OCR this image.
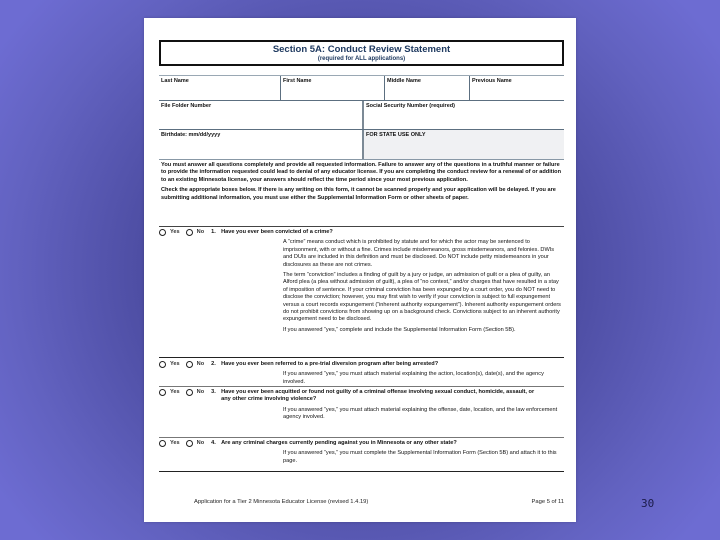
Section 5A: Conduct Review Statement
(required for ALL applications)
Last Name	First Name	Middle Name	Previous Name
File Folder Number	Social Security Number (required)
Birthdate: mm/dd/yyyy	FOR STATE USE ONLY

You must answer all questions completely and provide all requested information. Failure to answer any of the questions in a truthful manner or failure to provide the information requested could lead to denial of any educator license. If you are completing the conduct review for a renewal of or addition to an existing Minnesota license, your answers should reflect the time period since your most previous application.

Check the appropriate boxes below. If there is any writing on this form, it cannot be scanned properly and your application will be delayed. If you are submitting additional information, you must use either the Supplemental Information Form or other sheets of paper.

Yes	No 1. Have you ever been convicted of a crime?

A “crime” means conduct which is prohibited by statute and for which the actor may be sentenced to imprisonment, with or without a fine. Crimes include misdemeanors, gross misdemeanors, and felonies. DWIs and DUIs are included in this definition and must be disclosed. Do NOT include petty misdemeanors in your disclosures as these are not crimes.

The term “conviction” includes a finding of guilt by a jury or judge, an admission of guilt or a plea of guilty, an Alford plea (a plea without admission of guilt), a plea of “no contest,” and/or charges that have resulted in a stay of imposition of sentence. If your criminal conviction has been expunged by a court order, you do NOT need to disclose the conviction; however, you may first wish to verify if your conviction is subject to full expungement versus a court records expungement (“inherent authority expungement”). Inherent authority expungement orders do not prohibit convictions from showing up on a background check. Convictions subject to an inherent authority expungement need to be disclosed.

If you answered “yes,” complete and include the Supplemental Information Form (Section 5B).

Yes	No 2. Have you ever been referred to a pre-trial diversion program after being arrested?

If you answered “yes,” you must attach material explaining the action, location(s), date(s), and the agency involved.

Yes	No 3. Have you ever been acquitted or found not guilty of a criminal offense involving sexual conduct, homicide, assault, or any other crime involving violence?

If you answered “yes,” you must attach material explaining the offense, date, location, and the law enforcement agency involved.

Yes	No 4. Are any criminal charges currently pending against you in Minnesota or any other state?

If you answered “yes,” you must complete the Supplemental Information Form (Section 5B) and attach it to this page.

Application for a Tier 2 Minnesota Educator License (revised 1.4.19)	Page 5 of 11	30
